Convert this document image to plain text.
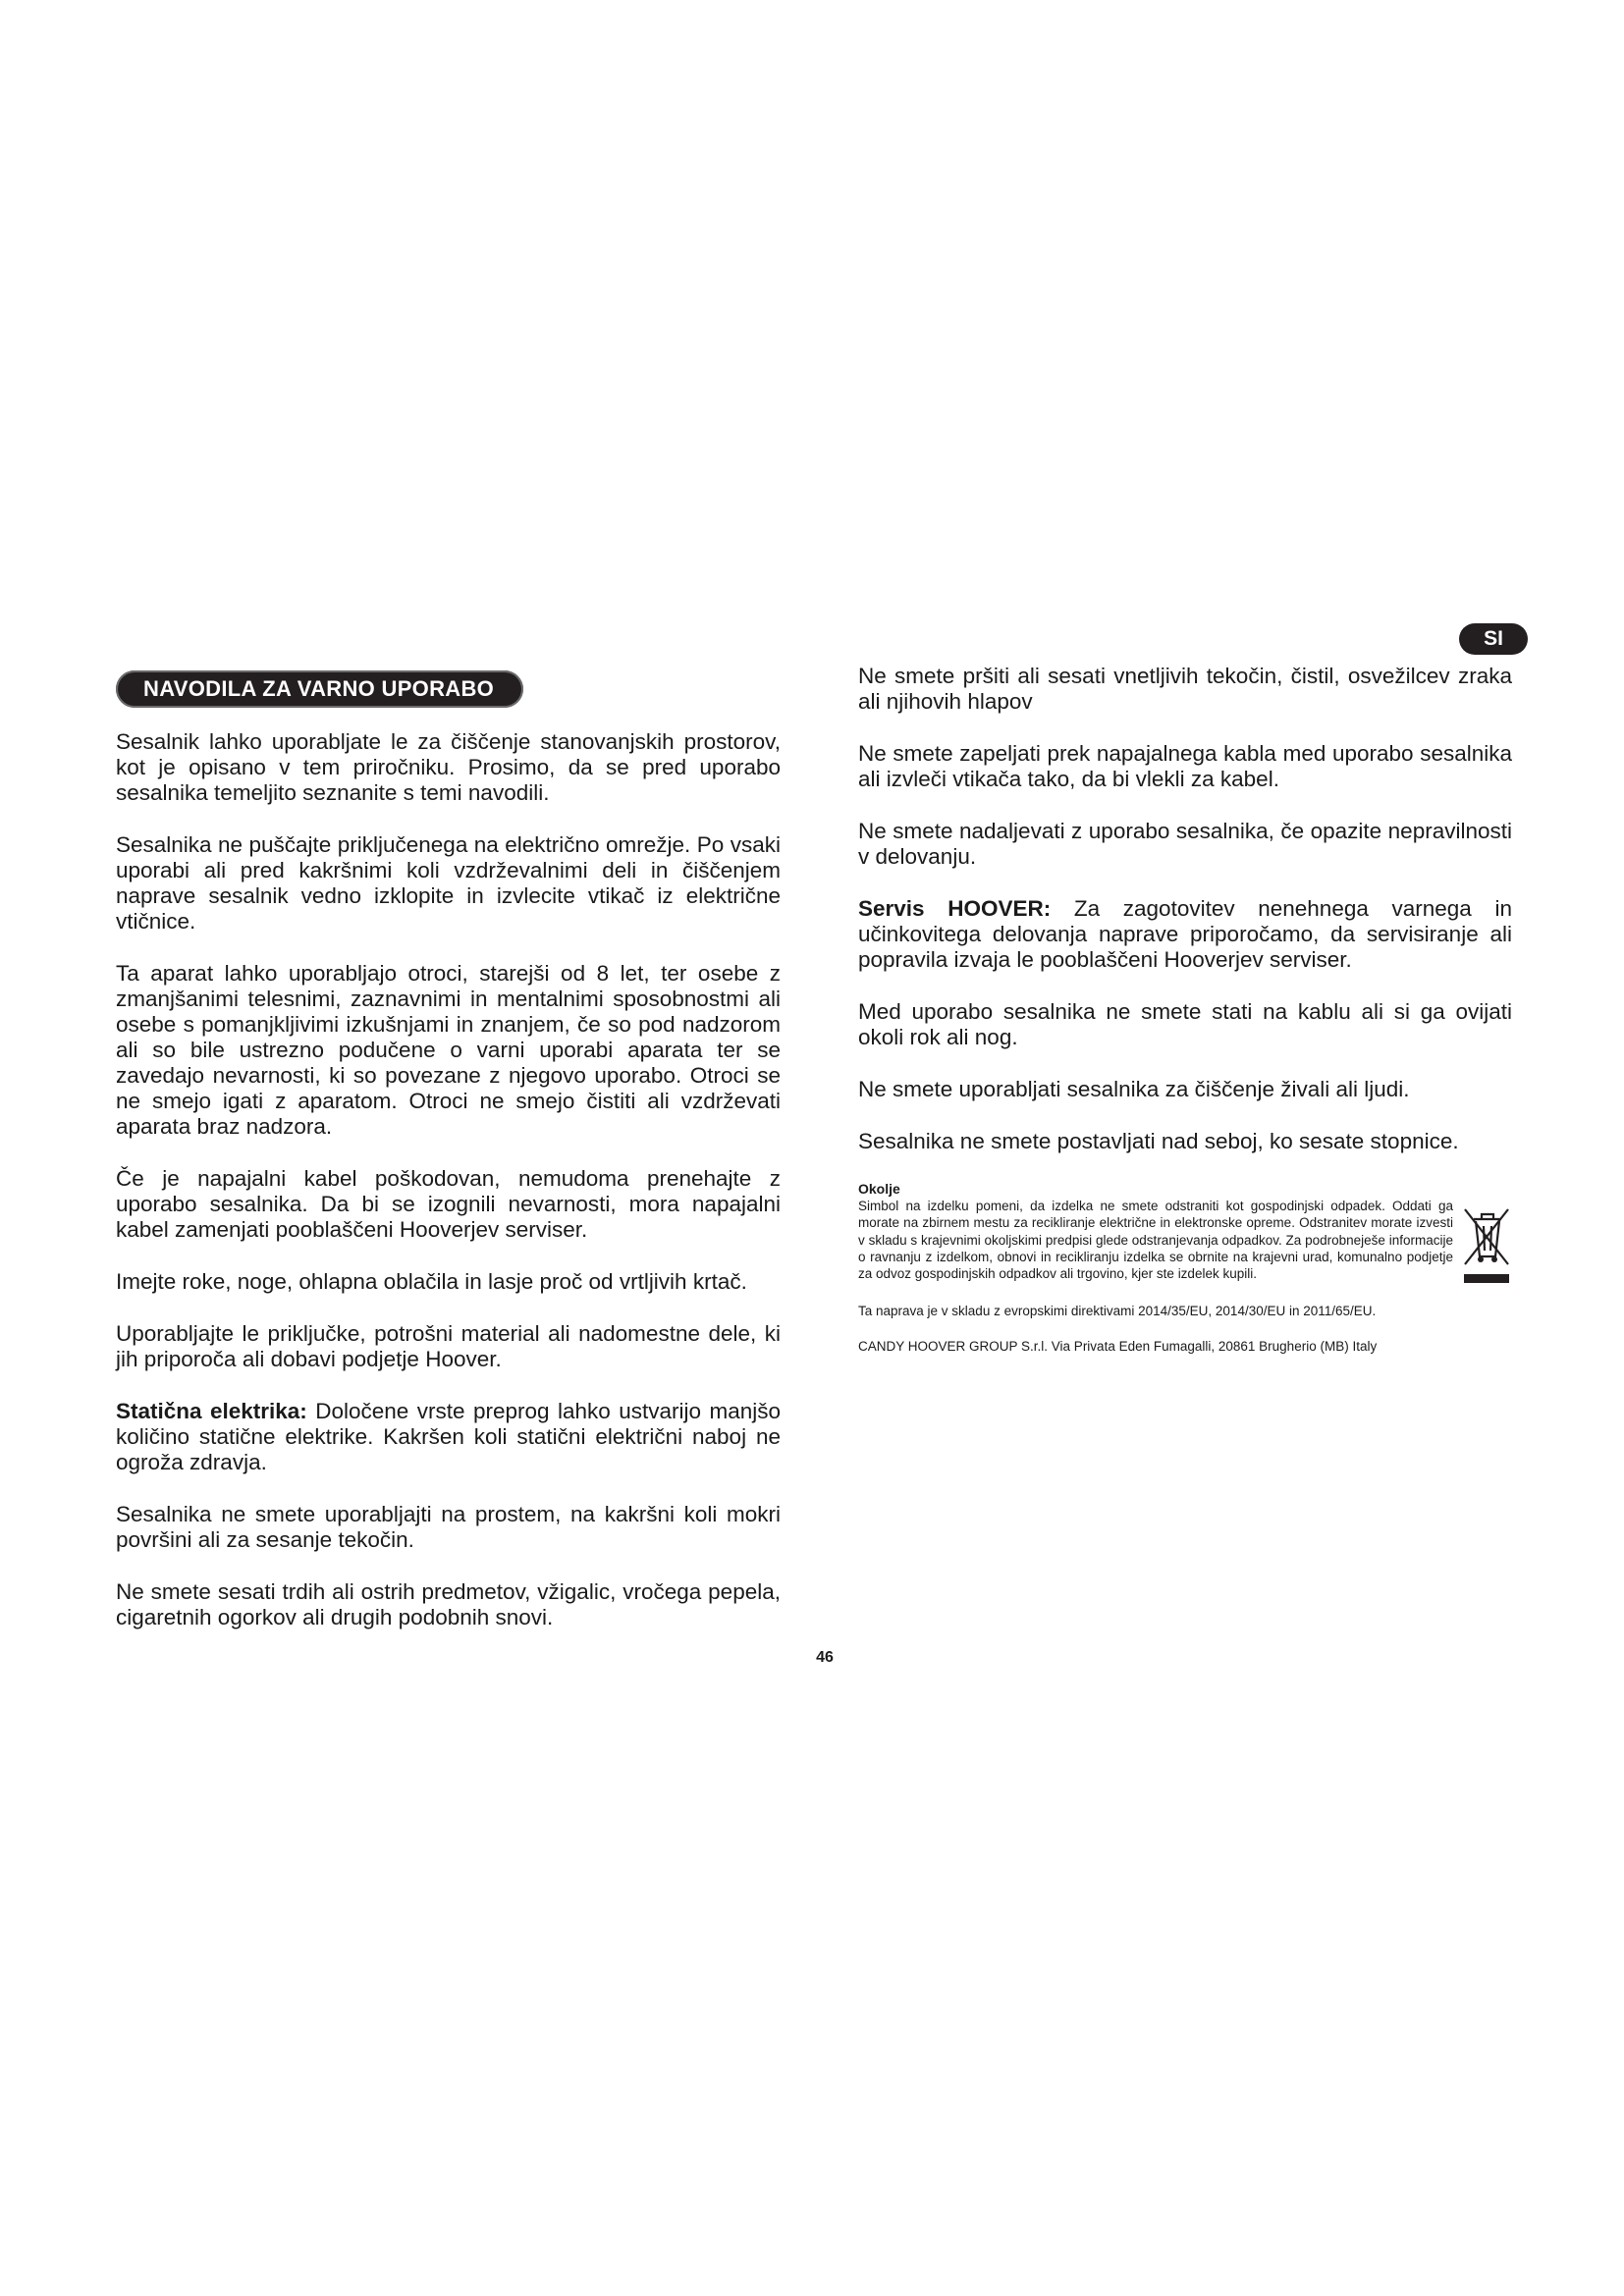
SI
NAVODILA ZA VARNO UPORABO

Sesalnik lahko uporabljate le za čiščenje stanovanjskih prostorov, kot je opisano v tem priročniku. Prosimo, da se pred uporabo sesalnika temeljito seznanite s temi navodili.

Sesalnika ne puščajte priključenega na električno omrežje. Po vsaki uporabi ali pred kakršnimi koli vzdrževalnimi deli in čiščenjem naprave sesalnik vedno izklopite in izvlecite vtikač iz električne vtičnice.

Ta aparat lahko uporabljajo otroci, starejši od 8 let, ter osebe z zmanjšanimi telesnimi, zaznavnimi in mentalnimi sposobnostmi ali osebe s pomanjkljivimi izkušnjami in znanjem, če so pod nadzorom ali so bile ustrezno podučene o varni uporabi aparata ter se zavedajo nevarnosti, ki so povezane z njegovo uporabo. Otroci se ne smejo igati z aparatom. Otroci ne smejo čistiti ali vzdrževati aparata braz nadzora.

Če je napajalni kabel poškodovan, nemudoma prenehajte z uporabo sesalnika. Da bi se izognili nevarnosti, mora napajalni kabel zamenjati pooblaščeni Hooverjev serviser.

Imejte roke, noge, ohlapna oblačila in lasje proč od vrtljivih krtač.

Uporabljajte le priključke, potrošni material ali nadomestne dele, ki jih priporoča ali dobavi podjetje Hoover.

Statična elektrika: Določene vrste preprog lahko ustvarijo manjšo količino statične elektrike. Kakršen koli statični električni naboj ne ogroža zdravja.

Sesalnika ne smete uporabljajti na prostem, na kakršni koli mokri površini ali za sesanje tekočin.

Ne smete sesati trdih ali ostrih predmetov, vžigalic, vročega pepela, cigaretnih ogorkov ali drugih podobnih snovi.

Ne smete pršiti ali sesati vnetljivih tekočin, čistil, osvežilcev zraka ali njihovih hlapov

Ne smete zapeljati prek napajalnega kabla med uporabo sesalnika ali izvleči vtikača tako, da bi vlekli za kabel.

Ne smete nadaljevati z uporabo sesalnika, če opazite nepravilnosti v delovanju.

Servis HOOVER: Za zagotovitev nenehnega varnega in učinkovitega delovanja naprave priporočamo, da servisiranje ali popravila izvaja le pooblaščeni Hooverjev serviser.

Med uporabo sesalnika ne smete stati na kablu ali si ga ovijati okoli rok ali nog.

Ne smete uporabljati sesalnika za čiščenje živali ali ljudi.

Sesalnika ne smete postavljati nad seboj, ko sesate stopnice.

Okolje

Simbol na izdelku pomeni, da izdelka ne smete odstraniti kot gospodinjski odpadek. Oddati ga morate na zbirnem mestu za recikliranje električne in elektronske opreme. Odstranitev morate izvesti v skladu s krajevnimi okoljskimi predpisi glede odstranjevanja odpadkov. Za podrobneješe informacije o ravnanju z izdelkom, obnovi in recikliranju izdelka se obrnite na krajevni urad, komunalno podjetje za odvoz gospodinjskih odpadkov ali trgovino, kjer ste izdelek kupili.

Ta naprava je v skladu z evropskimi direktivami 2014/35/EU, 2014/30/EU in 2011/65/EU.

CANDY HOOVER GROUP S.r.l. Via Privata Eden Fumagalli, 20861 Brugherio (MB) Italy

46
